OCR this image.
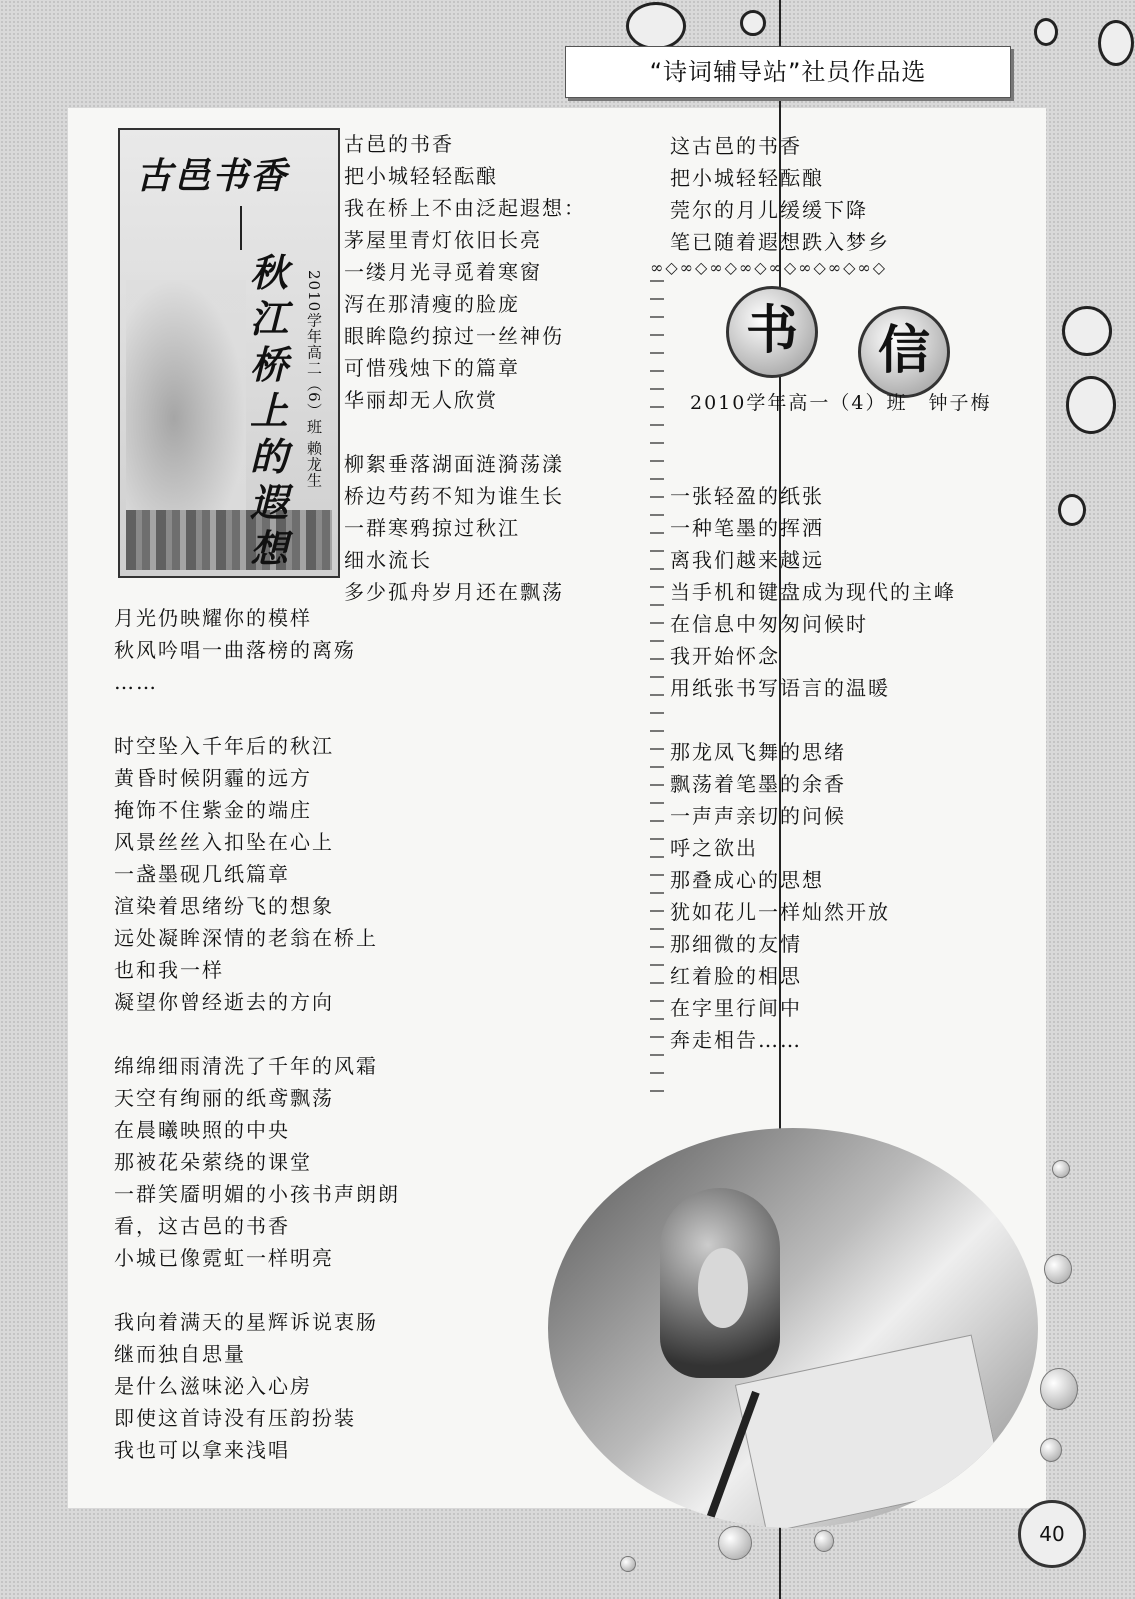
“诗词辅导站”社员作品选
古邑书香
秋江桥上的遐想
2010学年高二（6）班 赖龙生
古邑的书香
把小城轻轻酝酿
我在桥上不由泛起遐想：
茅屋里青灯依旧长亮
一缕月光寻觅着寒窗
泻在那清瘦的脸庞
眼眸隐约掠过一丝神伤
可惜残烛下的篇章
华丽却无人欣赏
柳絮垂落湖面涟漪荡漾
桥边芍药不知为谁生长
一群寒鸦掠过秋江
细水流长
多少孤舟岁月还在飘荡
月光仍映耀你的模样
秋风吟唱一曲落榜的离殇
……
时空坠入千年后的秋江
黄昏时候阴霾的远方
掩饰不住紫金的端庄
风景丝丝入扣坠在心上
一盏墨砚几纸篇章
渲染着思绪纷飞的想象
远处凝眸深情的老翁在桥上
也和我一样
凝望你曾经逝去的方向
绵绵细雨清洗了千年的风霜
天空有绚丽的纸鸢飘荡
在晨曦映照的中央
那被花朵萦绕的课堂
一群笑靥明媚的小孩书声朗朗
看，这古邑的书香
小城已像霓虹一样明亮
我向着满天的星辉诉说衷肠
继而独自思量
是什么滋味泌入心房
即使这首诗没有压韵扮装
我也可以拿来浅唱
这古邑的书香
把小城轻轻酝酿
莞尔的月儿缓缓下降
笔已随着遐想跌入梦乡
∞◇∞◇∞◇∞◇∞◇∞◇∞◇∞◇
书	信
2010学年高一（4）班　钟子梅
一张轻盈的纸张
一种笔墨的挥洒
离我们越来越远
当手机和键盘成为现代的主峰
在信息中匆匆问候时
我开始怀念
用纸张书写语言的温暖
那龙凤飞舞的思绪
飘荡着笔墨的余香
一声声亲切的问候
呼之欲出
那叠成心的思想
犹如花儿一样灿然开放
那细微的友情
红着脸的相思
在字里行间中
奔走相告……
40
